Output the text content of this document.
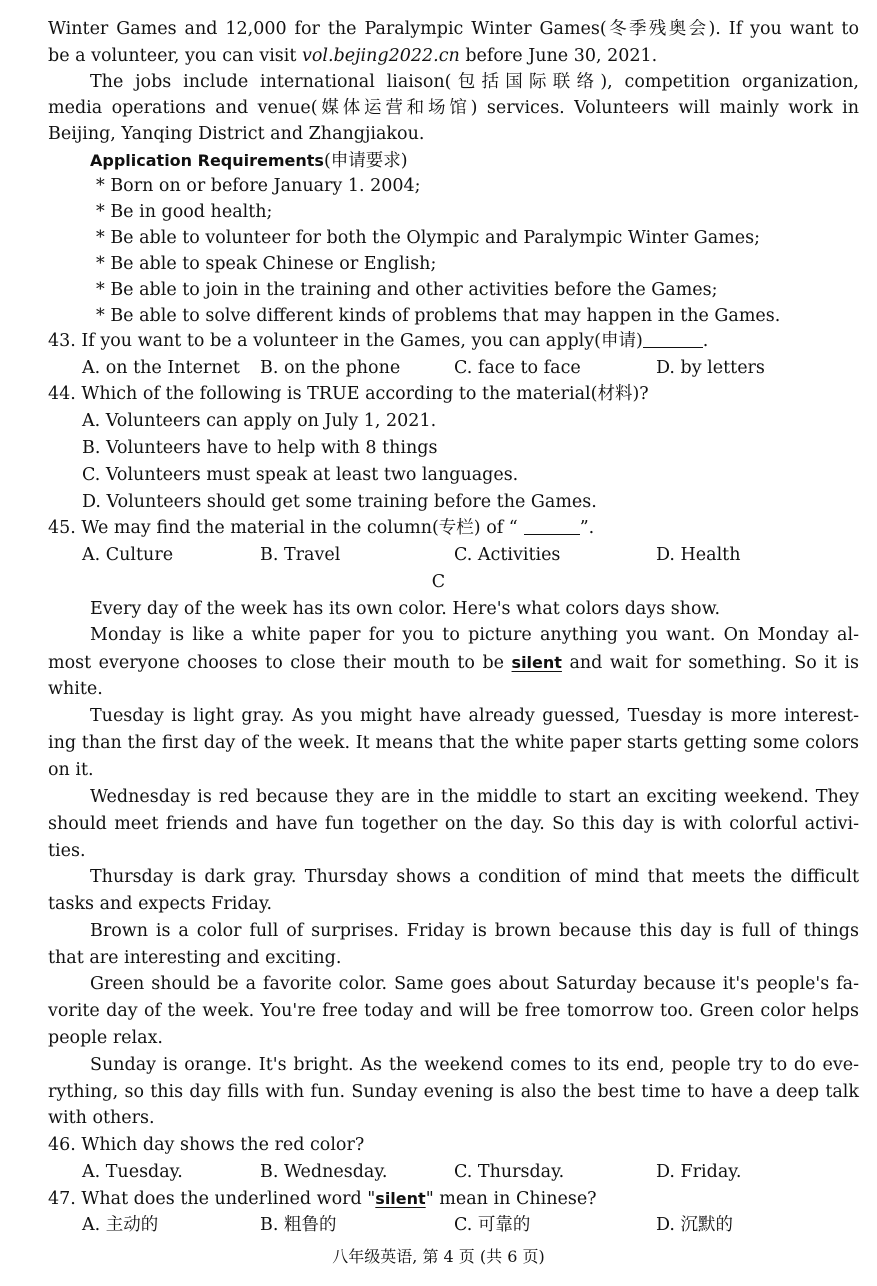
Winter Games and 12,000 for the Paralympic Winter Games(冬季残奥会). If you want to
be a volunteer, you can visit vol.bejing2022.cn before June 30, 2021.
The jobs include international liaison(包括国际联络), competition organization,
media operations and venue(媒体运营和场馆) services. Volunteers will mainly work in
Beijing, Yanqing District and Zhangjiakou.
Application Requirements(申请要求)
* Born on or before January 1. 2004;
* Be in good health;
* Be able to volunteer for both the Olympic and Paralympic Winter Games;
* Be able to speak Chinese or English;
* Be able to join in the training and other activities before the Games;
* Be able to solve different kinds of problems that may happen in the Games.
43. If you want to be a volunteer in the Games, you can apply(申请)	.
A. on the Internet B. on the phone	C. face to face	D. by letters
44. Which of the following is TRUE according to the material(材料)?
A. Volunteers can apply on July 1, 2021.
B. Volunteers have to help with 8 things
C. Volunteers must speak at least two languages.
D. Volunteers should get some training before the Games.
45. We may find the material in the column(专栏) of “	”.
A. Culture	B. Travel	C. Activities	D. Health
C
Every day of the week has its own color. Here's what colors days show.
Monday is like a white paper for you to picture anything you want. On Monday al-
most everyone chooses to close their mouth to be silent and wait for something. So it is
white.
Tuesday is light gray. As you might have already guessed, Tuesday is more interest-
ing than the first day of the week. It means that the white paper starts getting some colors
on it.
Wednesday is red because they are in the middle to start an exciting weekend. They
should meet friends and have fun together on the day. So this day is with colorful activi-
ties.
Thursday is dark gray. Thursday shows a condition of mind that meets the difficult
tasks and expects Friday.
Brown is a color full of surprises. Friday is brown because this day is full of things
that are interesting and exciting.
Green should be a favorite color. Same goes about Saturday because it's people's fa-
vorite day of the week. You're free today and will be free tomorrow too. Green color helps
people relax.
Sunday is orange. It's bright. As the weekend comes to its end, people try to do eve-
rything, so this day fills with fun. Sunday evening is also the best time to have a deep talk
with others.
46. Which day shows the red color?
A. Tuesday.	B. Wednesday.	C. Thursday.	D. Friday.
47. What does the underlined word "silent" mean in Chinese?
A. 主动的	B. 粗鲁的	C. 可靠的	D. 沉默的
八年级英语, 第 4 页 (共 6 页)
